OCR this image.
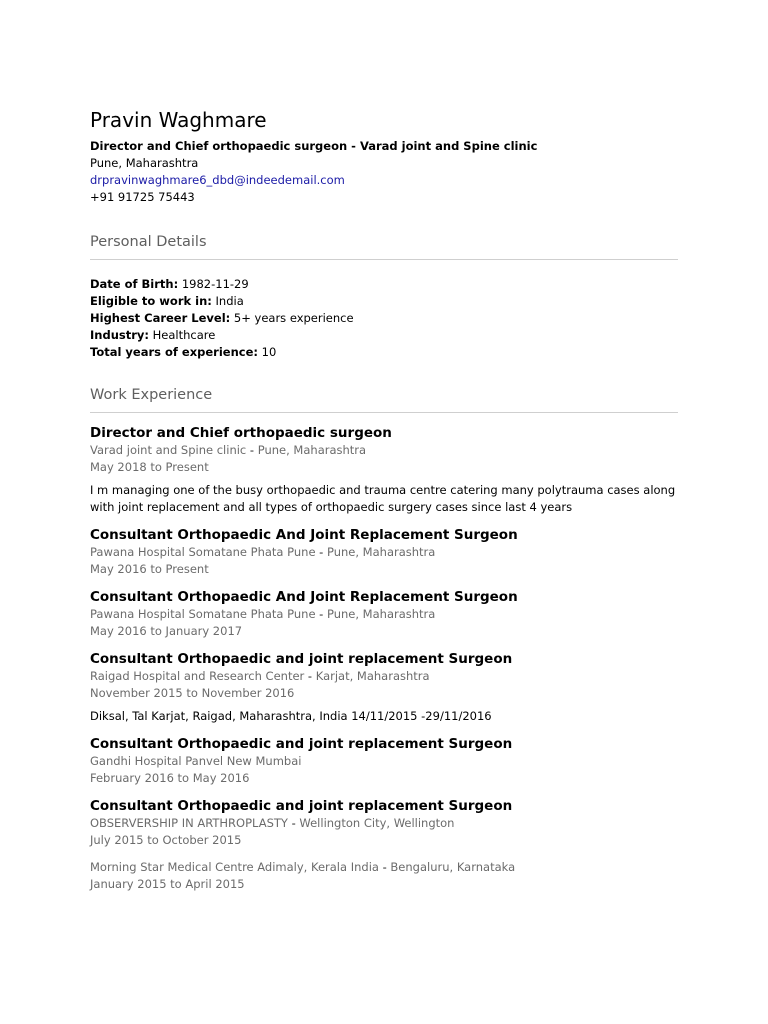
Pravin Waghmare

Director and Chief orthopaedic surgeon - Varad joint and Spine clinic

Pune, Maharashtra

drpravinwaghmare6_dbd@indeedemail.com

+91 91725 75443

Personal Details

Date of Birth: 1982-11-29

Eligible to work in: India

Highest Career Level: 5+ years experience

Industry: Healthcare

Total years of experience: 10

Work Experience

Director and Chief orthopaedic surgeon

Varad joint and Spine clinic - Pune, Maharashtra

May 2018 to Present

I m managing one of the busy orthopaedic and trauma centre catering many polytrauma cases along with joint replacement and all types of orthopaedic surgery cases since last 4 years

Consultant Orthopaedic And Joint Replacement Surgeon

Pawana Hospital Somatane Phata Pune - Pune, Maharashtra

May 2016 to Present

Consultant Orthopaedic And Joint Replacement Surgeon

Pawana Hospital Somatane Phata Pune - Pune, Maharashtra

May 2016 to January 2017

Consultant Orthopaedic and joint replacement Surgeon

Raigad Hospital and Research Center - Karjat, Maharashtra

November 2015 to November 2016

Diksal, Tal Karjat, Raigad, Maharashtra, India 14/11/2015 -29/11/2016

Consultant Orthopaedic and joint replacement Surgeon

Gandhi Hospital Panvel New Mumbai

February 2016 to May 2016

Consultant Orthopaedic and joint replacement Surgeon

OBSERVERSHIP IN ARTHROPLASTY - Wellington City, Wellington

July 2015 to October 2015

Morning Star Medical Centre Adimaly, Kerala India - Bengaluru, Karnataka

January 2015 to April 2015
